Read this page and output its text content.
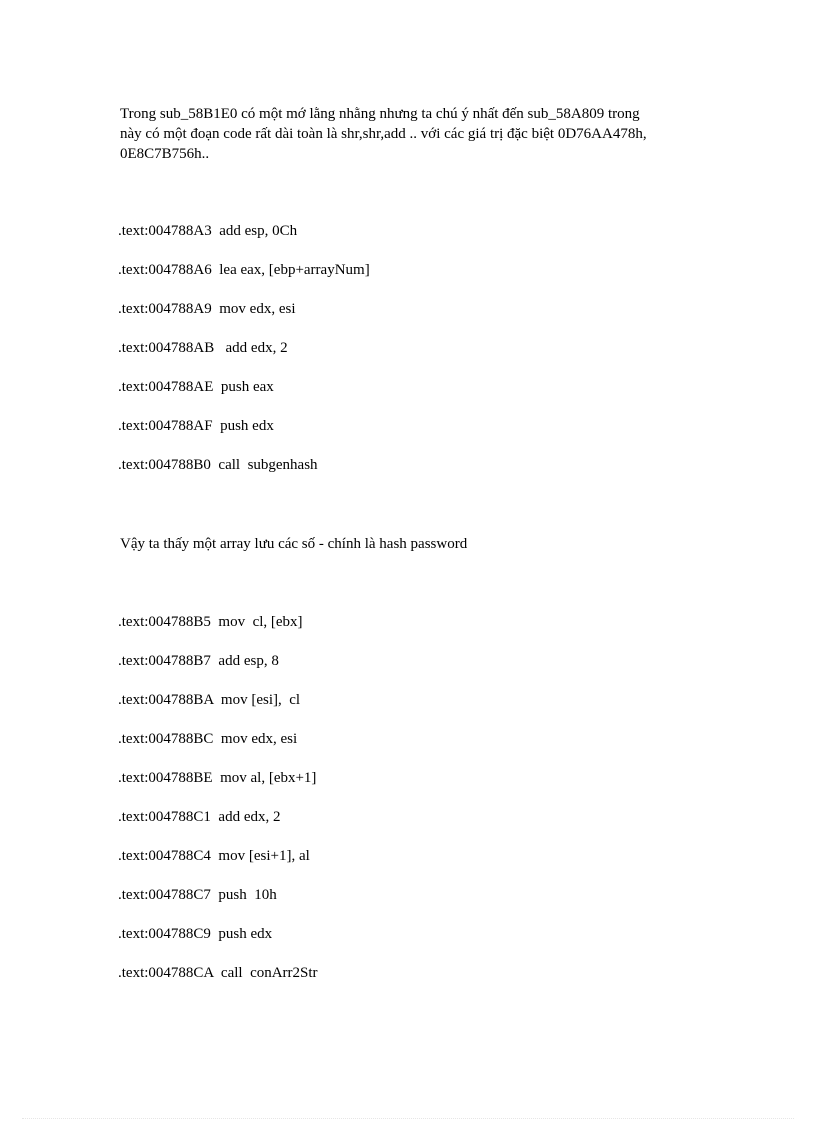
Trong sub_58B1E0 có một mớ lằng nhằng nhưng ta chú ý nhất đến sub_58A809 trong
này có một đoạn code rất dài toàn là shr,shr,add .. với các giá trị đặc biệt 0D76AA478h,
0E8C7B756h..

.text:004788A3  add esp, 0Ch
.text:004788A6  lea eax, [ebp+arrayNum]
.text:004788A9  mov edx, esi
.text:004788AB   add edx, 2
.text:004788AE  push eax
.text:004788AF  push edx
.text:004788B0  call  subgenhash

Vậy ta thấy một array lưu các số - chính là hash password

.text:004788B5  mov  cl, [ebx]
.text:004788B7  add esp, 8
.text:004788BA  mov [esi],  cl
.text:004788BC  mov edx, esi
.text:004788BE  mov al, [ebx+1]
.text:004788C1  add edx, 2
.text:004788C4  mov [esi+1], al
.text:004788C7  push  10h
.text:004788C9  push edx
.text:004788CA  call  conArr2Str
